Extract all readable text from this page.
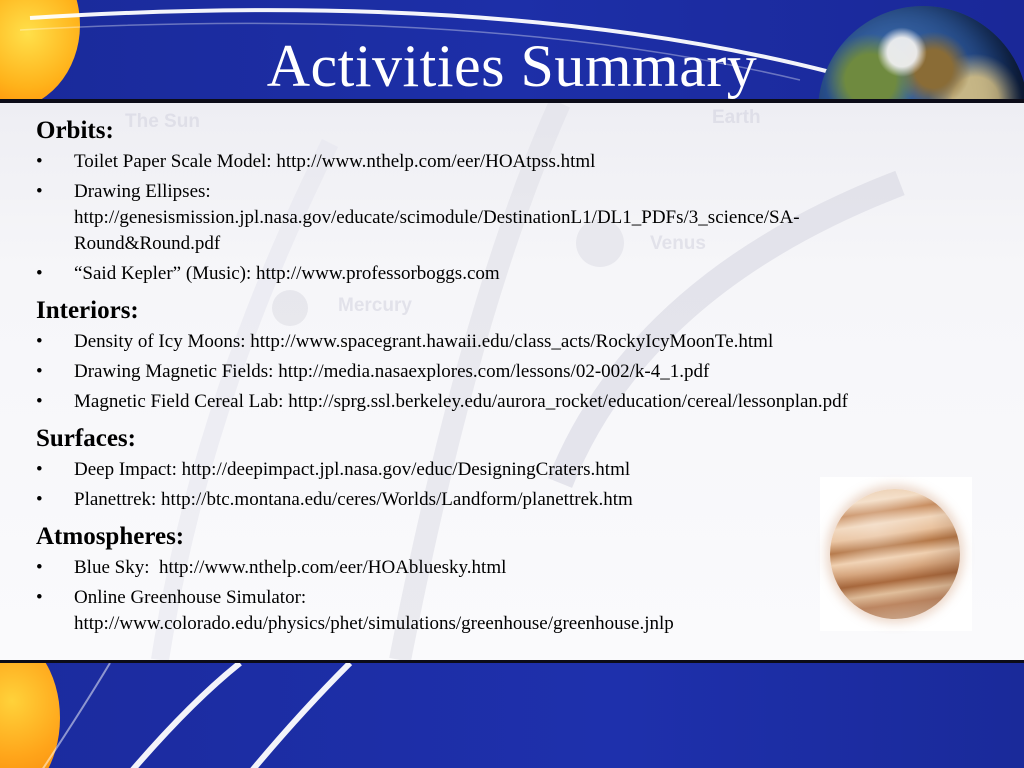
Activities Summary
The Sun	Earth
Venus
Mercury
Orbits:
• Toilet Paper Scale Model: http://www.nthelp.com/eer/HOAtpss.html
• Drawing Ellipses:
http://genesismission.jpl.nasa.gov/educate/scimodule/DestinationL1/DL1_PDFs/3_science/SA-
Round&Round.pdf
• “Said Kepler” (Music): http://www.professorboggs.com
Interiors:
• Density of Icy Moons: http://www.spacegrant.hawaii.edu/class_acts/RockyIcyMoonTe.html
• Drawing Magnetic Fields: http://media.nasaexplores.com/lessons/02-002/k-4_1.pdf
• Magnetic Field Cereal Lab: http://sprg.ssl.berkeley.edu/aurora_rocket/education/cereal/lessonplan.pdf
Surfaces:
• Deep Impact: http://deepimpact.jpl.nasa.gov/educ/DesigningCraters.html
• Planettrek: http://btc.montana.edu/ceres/Worlds/Landform/planettrek.htm
Atmospheres:
• Blue Sky:  http://www.nthelp.com/eer/HOAbluesky.html
• Online Greenhouse Simulator:
http://www.colorado.edu/physics/phet/simulations/greenhouse/greenhouse.jnlp
